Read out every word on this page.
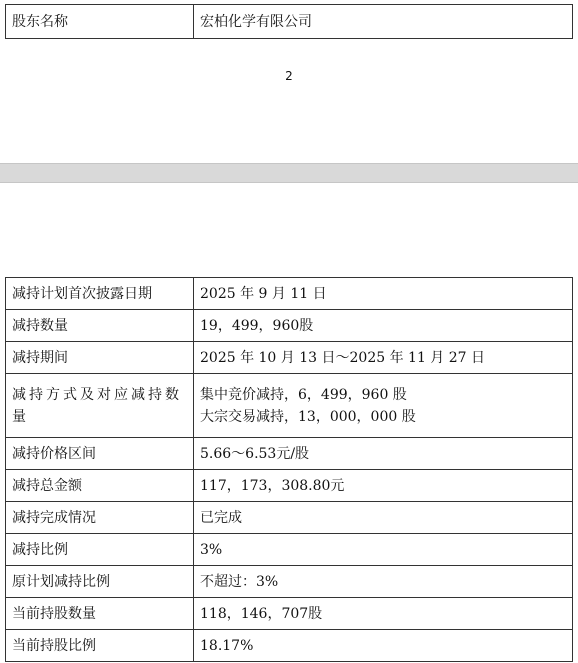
股东名称	宏柏化学有限公司
2
减持计划首次披露日期	2025 年 9 月 11 日
减持数量	19，499，960股
减持期间	2025 年 10 月 13 日～2025 年 11 月 27 日

减持方式及对应减持数
量	集中竞价减持，6，499，960 股
大宗交易减持，13，000，000 股

减持价格区间	5.66～6.53元/股
减持总金额	117，173，308.80元
减持完成情况	已完成
减持比例	3%
原计划减持比例	不超过：3%
当前持股数量	118，146，707股
当前持股比例	18.17%
